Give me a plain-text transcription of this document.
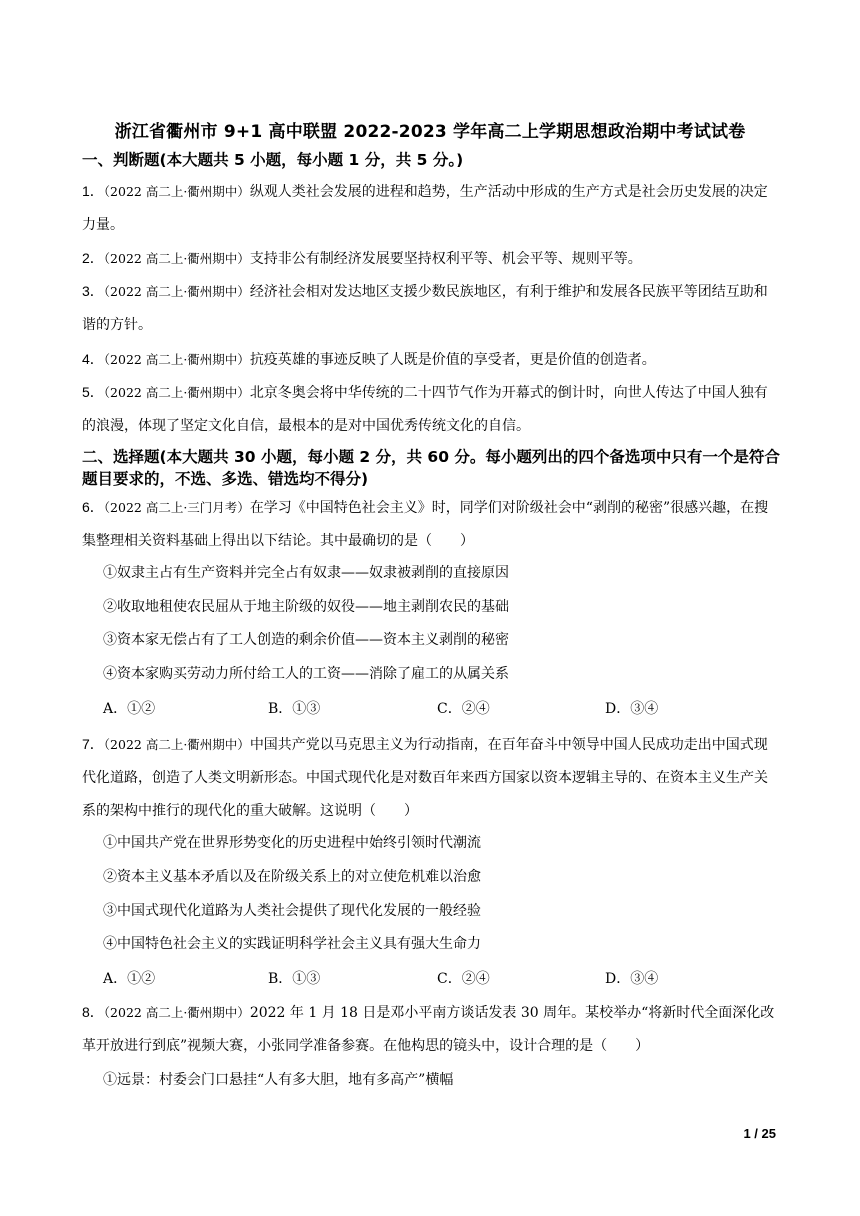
浙江省衢州市 9+1 高中联盟 2022-2023 学年高二上学期思想政治期中考试试卷
一、判断题(本大题共 5 小题，每小题 1 分，共 5 分。)
1．（2022 高二上·衢州期中）纵观人类社会发展的进程和趋势，生产活动中形成的生产方式是社会历史发展的决定力量。
2．（2022 高二上·衢州期中）支持非公有制经济发展要坚持权利平等、机会平等、规则平等。
3．（2022 高二上·衢州期中）经济社会相对发达地区支援少数民族地区，有利于维护和发展各民族平等团结互助和谐的方针。
4．（2022 高二上·衢州期中）抗疫英雄的事迹反映了人既是价值的享受者，更是价值的创造者。
5．（2022 高二上·衢州期中）北京冬奥会将中华传统的二十四节气作为开幕式的倒计时，向世人传达了中国人独有的浪漫，体现了坚定文化自信，最根本的是对中国优秀传统文化的自信。
二、选择题(本大题共 30 小题，每小题 2 分，共 60 分。每小题列出的四个备选项中只有一个是符合题目要求的，不选、多选、错选均不得分)
6．（2022 高二上·三门月考）在学习《中国特色社会主义》时，同学们对阶级社会中“剥削的秘密”很感兴趣，在搜集整理相关资料基础上得出以下结论。其中最确切的是（　　）
①奴隶主占有生产资料并完全占有奴隶——奴隶被剥削的直接原因
②收取地租使农民屈从于地主阶级的奴役——地主剥削农民的基础
③资本家无偿占有了工人创造的剩余价值——资本主义剥削的秘密
④资本家购买劳动力所付给工人的工资——消除了雇工的从属关系
A．①②	B．①③	C．②④	D．③④
7．（2022 高二上·衢州期中）中国共产党以马克思主义为行动指南，在百年奋斗中领导中国人民成功走出中国式现代化道路，创造了人类文明新形态。中国式现代化是对数百年来西方国家以资本逻辑主导的、在资本主义生产关系的架构中推行的现代化的重大破解。这说明（　　）
①中国共产党在世界形势变化的历史进程中始终引领时代潮流
②资本主义基本矛盾以及在阶级关系上的对立使危机难以治愈
③中国式现代化道路为人类社会提供了现代化发展的一般经验
④中国特色社会主义的实践证明科学社会主义具有强大生命力
A．①②	B．①③	C．②④	D．③④
8．（2022 高二上·衢州期中）2022 年 1 月 18 日是邓小平南方谈话发表 30 周年。某校举办“将新时代全面深化改革开放进行到底”视频大赛，小张同学准备参赛。在他构思的镜头中，设计合理的是（　　）
①远景：村委会门口悬挂“人有多大胆，地有多高产”横幅
1 / 25
